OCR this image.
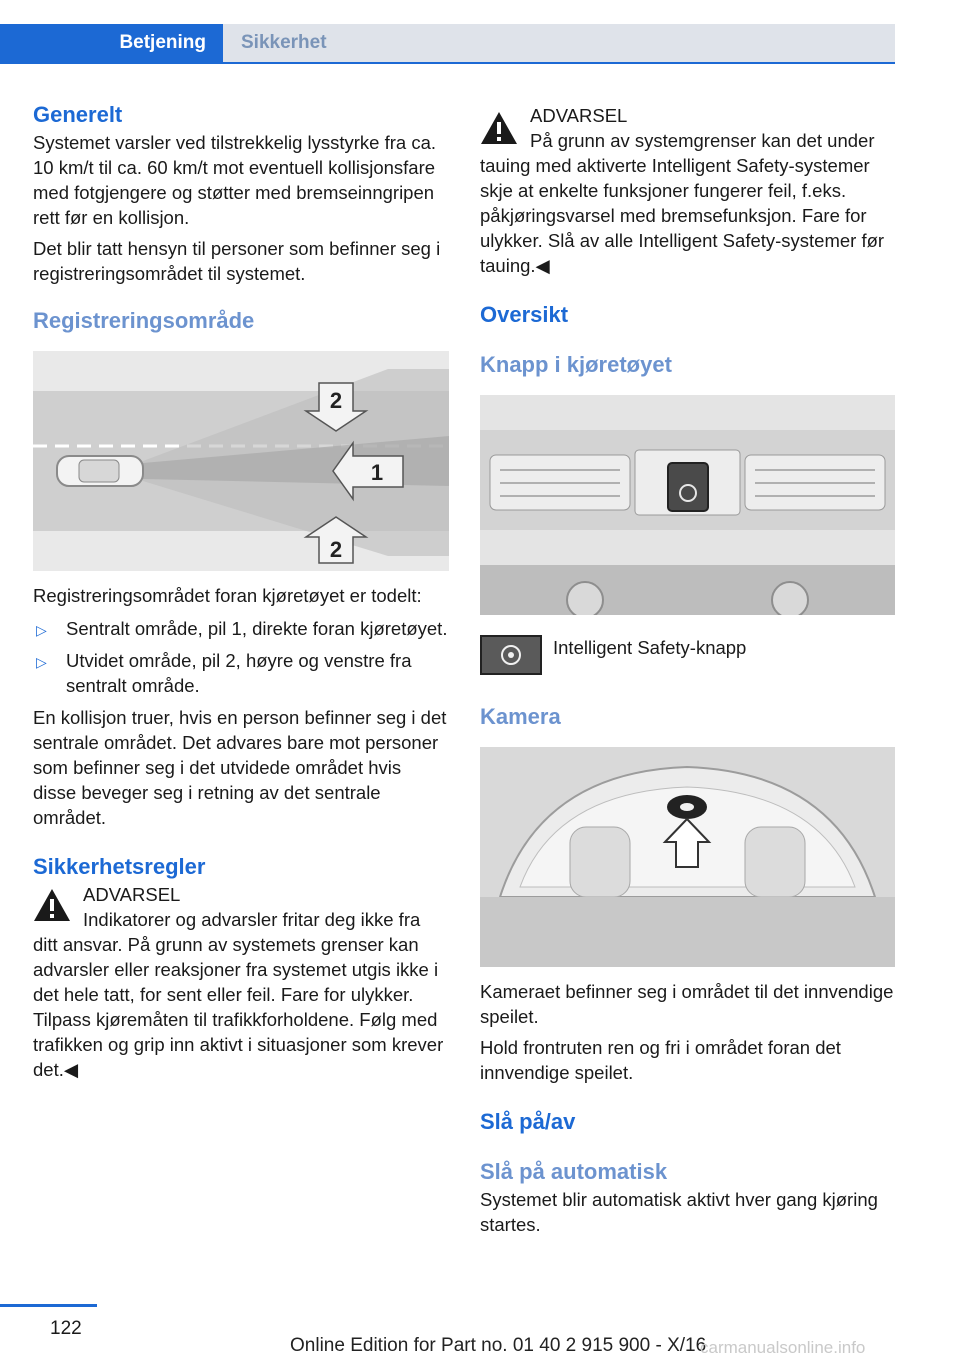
Betjening	Sikkerhet
Generelt

Systemet varsler ved tilstrekkelig lysstyrke fra ca. 10 km/t til ca. 60 km/t mot eventuell kollisjonsfare med fotgjengere og støtter med bremseinngripen rett før en kollisjon.

Det blir tatt hensyn til personer som befinner seg i registreringsområdet til systemet.

Registreringsområde
2
1
2

Registreringsområdet foran kjøretøyet er todelt:

▷ Sentralt område, pil 1, direkte foran kjøretøyet.
▷ Utvidet område, pil 2, høyre og venstre fra sentralt område.

En kollisjon truer, hvis en person befinner seg i det sentrale området. Det advares bare mot personer som befinner seg i det utvidede området hvis disse beveger seg i retning av det sentrale området.

Sikkerhetsregler

ADVARSEL

Indikatorer og advarsler fritar deg ikke fra ditt ansvar. På grunn av systemets grenser kan advarsler eller reaksjoner fra systemet utgis ikke i det hele tatt, for sent eller feil. Fare for ulykker. Tilpass kjøremåten til trafikkforholdene. Følg med trafikken og grip inn aktivt i situasjoner som krever det.◀

ADVARSEL

På grunn av systemgrenser kan det under tauing med aktiverte Intelligent Safety-systemer skje at enkelte funksjoner fungerer feil, f.eks. påkjøringsvarsel med bremsefunksjon. Fare for ulykker. Slå av alle Intelligent Safety-systemer før tauing.◀

Oversikt
Knapp i kjøretøyet

Intelligent Safety-knapp

Kamera

Kameraet befinner seg i området til det innvendige speilet.

Hold frontruten ren og fri i området foran det innvendige speilet.

Slå på/av
Slå på automatisk

Systemet blir automatisk aktivt hver gang kjøring startes.

122
Online Edition for Part no. 01 40 2 915 900 - X/16
carmanualsonline.info
